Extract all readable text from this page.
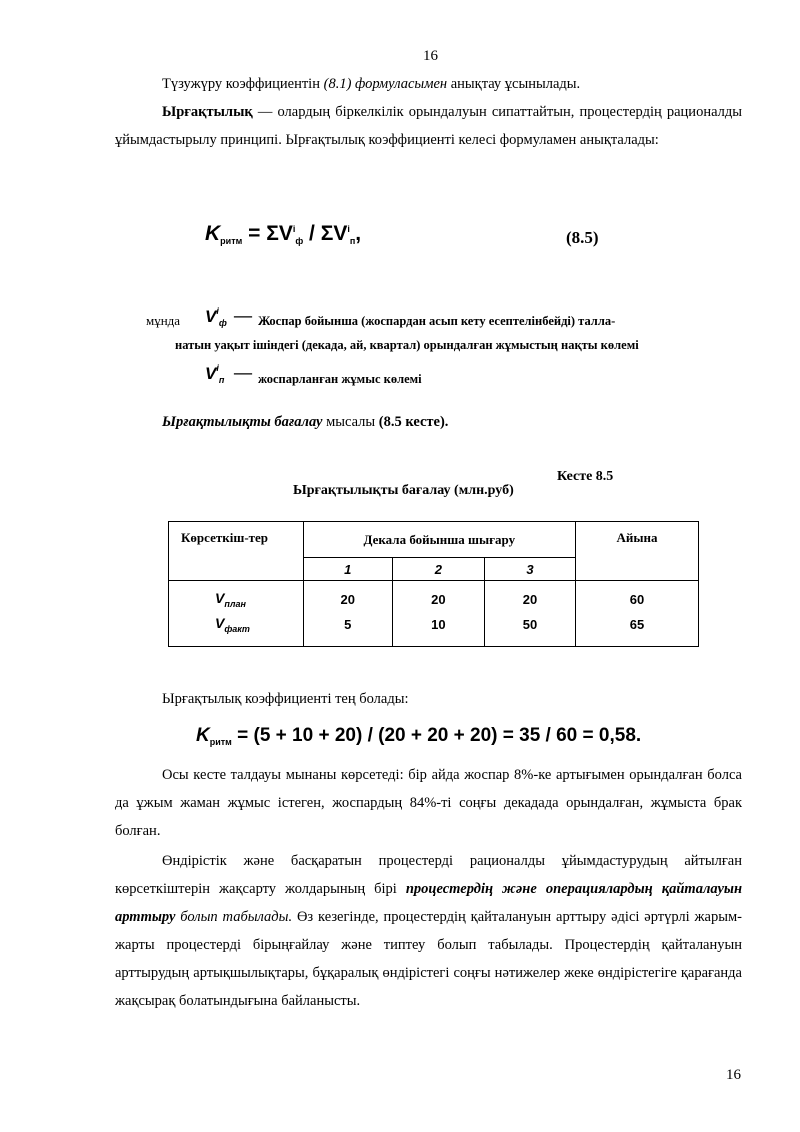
16
Түзужүру коэффициентін (8.1) формуласымен анықтау ұсынылады.
Ырғақтылық — олардың біркелкілік орындалуын сипаттайтын, процестердің рационалды ұйымдастырылу принципі. Ырғақтылық коэффициенті келесі формуламен анықталады:
$K_{ритм} = \Sigma V^i_ф / \Sigma V^i_п$,	(8.5)
мұнда $V^i_ф$ — Жоспар бойынша (жоспардан асып кету есептелінбейді) талла-
натын уақыт ішіндегі (декада, ай, квартал) орындалған жұмыстың нақты көлемі
$V^i_п$ — жоспарланған жұмыс көлемі
Ырғақтылықты бағалау мысалы (8.5 кесте).
Кесте 8.5
Ырғақтылықты бағалау (млн.руб)
Көрсеткіш-тер	Декала бойынша шығару			Айына
	1	2	3	
$V_{план}$	20	20	20	60
$V_{факт}$	5	10	50	65
Ырғақтылық коэффициенті тең болады:
$K_{ритм} = (5 + 10 + 20) / (20 + 20 + 20) = 35 / 60 = 0,58$.
Осы кесте талдауы мынаны көрсетеді: бір айда жоспар 8%-ке артығымен орындалған болса да ұжым жаман жұмыс істеген, жоспардың 84%-ті соңғы декадада орындалған, жұмыста брак болған.
Өндірістік және басқаратын процестерді рационалды ұйымдастурудың айтылған көрсеткіштерін жақсарту жолдарының бірі процестердің және операциялардың қайталауын арттыру болып табылады. Өз кезегінде, процестердің қайталануын арттыру әдісі әртүрлі жарым-жарты процестерді бірыңғайлау және типтеу болып табылады. Процестердің қайталануын арттырудың артықшылықтары, бұқаралық өндірістегі соңғы нәтижелер жеке өндірістегіге қарағанда жақсырақ болатындығына байланысты.
16
